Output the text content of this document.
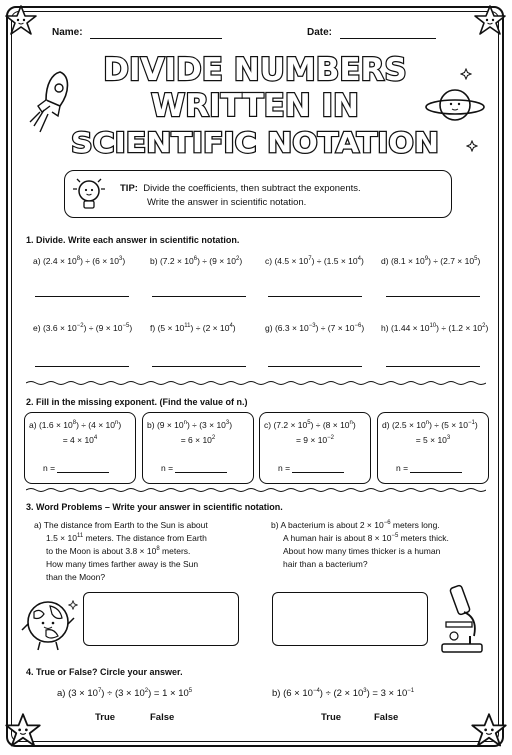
Name:	Date:
DIVIDE NUMBERS
WRITTEN IN
SCIENTIFIC NOTATION
TIP: Divide the coefficients, then subtract the exponents.
Write the answer in scientific notation.
1. Divide. Write each answer in scientific notation.
a) $(2.4 \times 10^8) \div (6 \times 10^3)$	b) $(7.2 \times 10^6) \div (9 \times 10^2)$	c) $(4.5 \times 10^7) \div (1.5 \times 10^4)$ d) $(8.1 \times 10^9) \div (2.7 \times 10^5)$
e) $(3.6 \times 10^{-2}) \div (9 \times 10^{-5})$ f) $(5 \times 10^{11}) \div (2 \times 10^4)$	g) $(6.3 \times 10^{-3}) \div (7 \times 10^{-6})$ h) $(1.44 \times 10^{10}) \div (1.2 \times 10^2)$
2. Fill in the missing exponent. (Find the value of n.)
a) $(1.6 \times 10^8) \div (4 \times 10^n)$
= $4 \times 10^4$
n =
b) $(9 \times 10^n) \div (3 \times 10^3)$
= $6 \times 10^2$
n =
c) $(7.2 \times 10^5) \div (8 \times 10^n)$
= $9 \times 10^{-2}$
n =
d) $(2.5 \times 10^n) \div (5 \times 10^{-1})$
= $5 \times 10^3$
n =
3. Word Problems – Write your answer in scientific notation.
a) The distance from Earth to the Sun is about
$1.5 \times 10^{11}$ meters. The distance from Earth
to the Moon is about $3.8 \times 10^8$ meters.
How many times farther away is the Sun
than the Moon?
b) A bacterium is about $2 \times 10^{-6}$ meters long.
A human hair is about $8 \times 10^{-5}$ meters thick.
About how many times thicker is a human
hair than a bacterium?
4. True or False? Circle your answer.
a) $(3 \times 10^7) \div (3 \times 10^2) = 1 \times 10^5$	b) $(6 \times 10^{-4}) \div (2 \times 10^3) = 3 \times 10^{-1}$
True	False	True	False
